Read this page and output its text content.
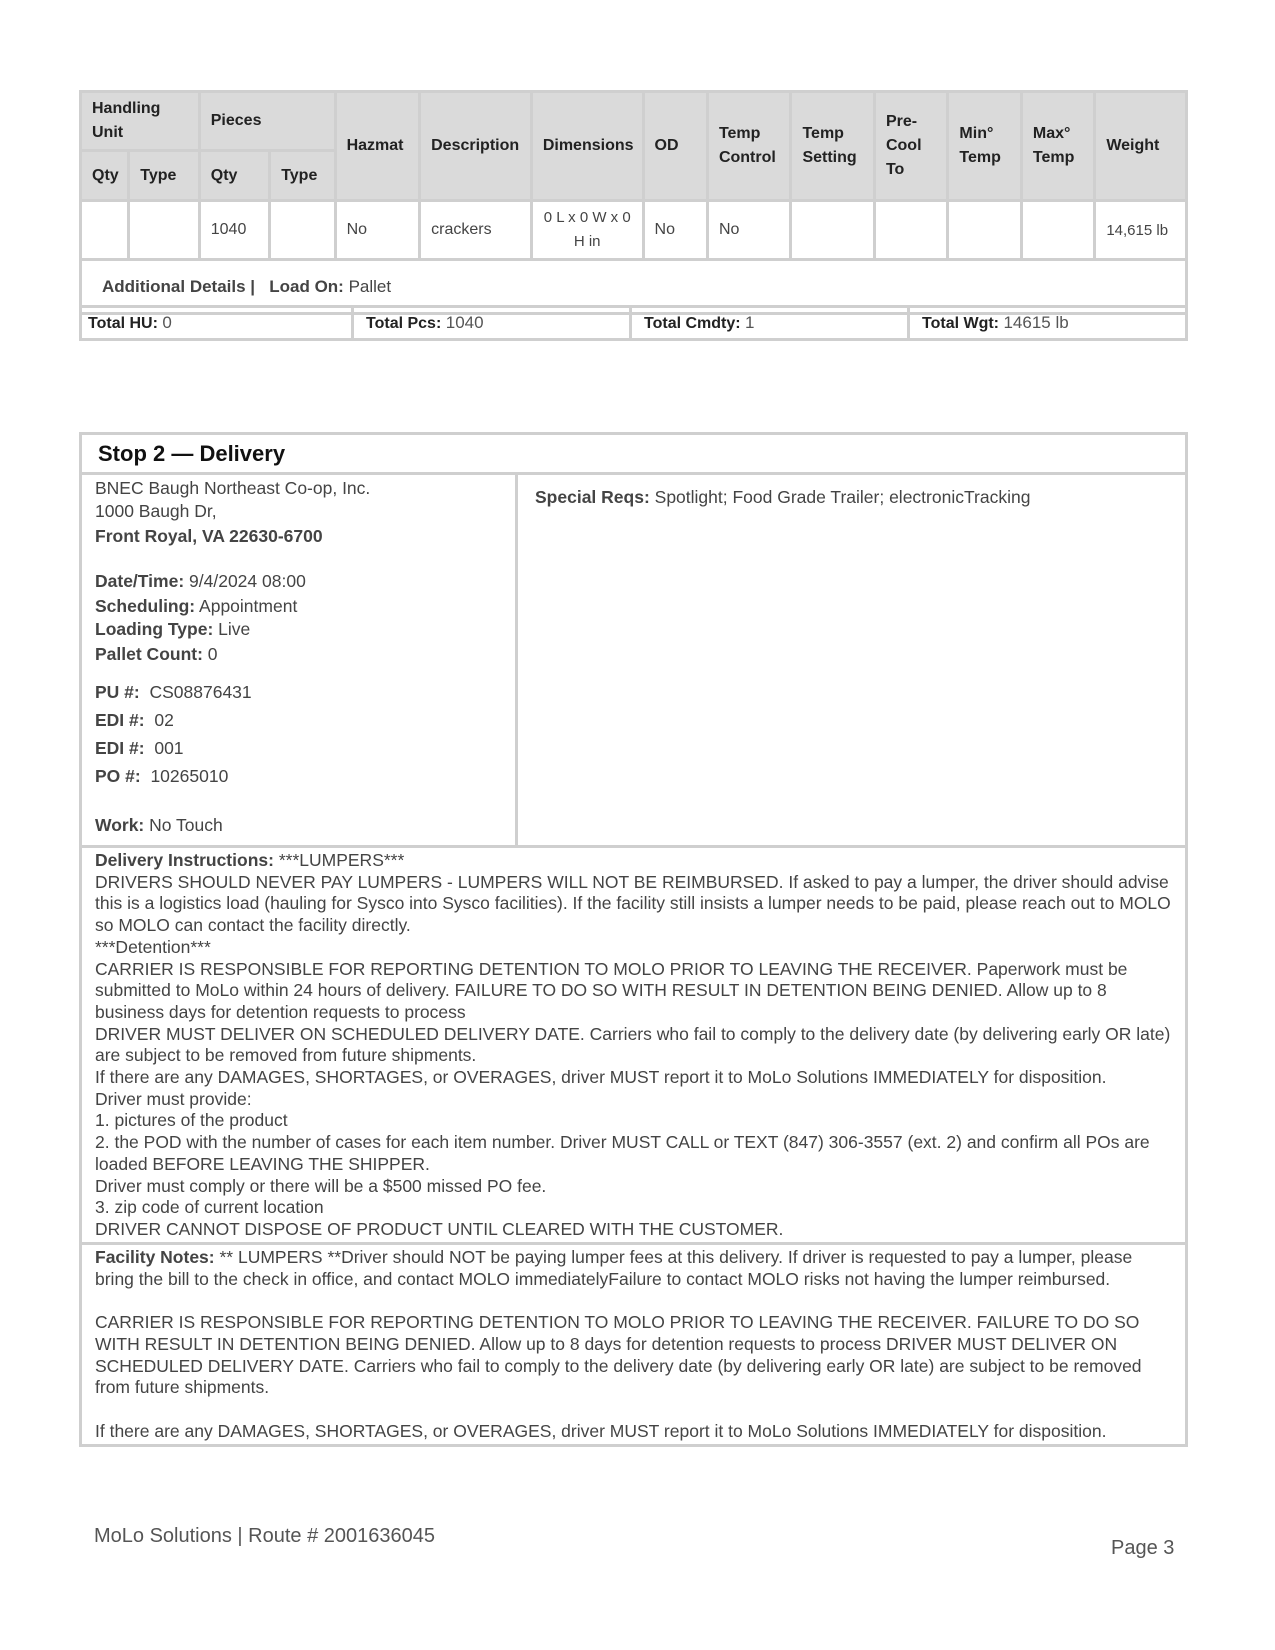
Handling Unit		Pieces		Hazmat	Description	Dimensions	OD	Temp Control	Temp Setting	Pre-Cool To	Min° Temp	Max° Temp	Weight
Qty	Type	Qty	Type										
		1040		No	crackers	0 L x 0 W x 0 H in	No	No					14,615 lb

Additional Details | Load On: Pallet													
Total HU: 0	Total Pcs: 1040	Total Cmdty: 1	Total Wgt: 14615 lb
Stop 2 — Delivery
BNEC Baugh Northeast Co-op, Inc.
1000 Baugh Dr,
Front Royal, VA 22630-6700
Date/Time: 9/4/2024 08:00
Scheduling: Appointment
Loading Type: Live
Pallet Count: 0
PU #: CS08876431
EDI #: 02
EDI #: 001
PO #: 10265010
Work: No Touch
Special Reqs: Spotlight; Food Grade Trailer; electronicTracking
Delivery Instructions: ***LUMPERS***
DRIVERS SHOULD NEVER PAY LUMPERS - LUMPERS WILL NOT BE REIMBURSED. If asked to pay a lumper, the driver should advise this is a logistics load (hauling for Sysco into Sysco facilities). If the facility still insists a lumper needs to be paid, please reach out to MOLO so MOLO can contact the facility directly.
***Detention***
CARRIER IS RESPONSIBLE FOR REPORTING DETENTION TO MOLO PRIOR TO LEAVING THE RECEIVER. Paperwork must be submitted to MoLo within 24 hours of delivery. FAILURE TO DO SO WITH RESULT IN DETENTION BEING DENIED. Allow up to 8 business days for detention requests to process
DRIVER MUST DELIVER ON SCHEDULED DELIVERY DATE. Carriers who fail to comply to the delivery date (by delivering early OR late) are subject to be removed from future shipments.
If there are any DAMAGES, SHORTAGES, or OVERAGES, driver MUST report it to MoLo Solutions IMMEDIATELY for disposition.
Driver must provide:
1. pictures of the product
2. the POD with the number of cases for each item number. Driver MUST CALL or TEXT (847) 306-3557 (ext. 2) and confirm all POs are loaded BEFORE LEAVING THE SHIPPER.
Driver must comply or there will be a $500 missed PO fee.
3. zip code of current location
DRIVER CANNOT DISPOSE OF PRODUCT UNTIL CLEARED WITH THE CUSTOMER.
Facility Notes: ** LUMPERS **Driver should NOT be paying lumper fees at this delivery. If driver is requested to pay a lumper, please bring the bill to the check in office, and contact MOLO immediatelyFailure to contact MOLO risks not having the lumper reimbursed.

CARRIER IS RESPONSIBLE FOR REPORTING DETENTION TO MOLO PRIOR TO LEAVING THE RECEIVER. FAILURE TO DO SO WITH RESULT IN DETENTION BEING DENIED. Allow up to 8 days for detention requests to process DRIVER MUST DELIVER ON SCHEDULED DELIVERY DATE. Carriers who fail to comply to the delivery date (by delivering early OR late) are subject to be removed from future shipments.

If there are any DAMAGES, SHORTAGES, or OVERAGES, driver MUST report it to MoLo Solutions IMMEDIATELY for disposition.
MoLo Solutions | Route # 2001636045
Page 3
